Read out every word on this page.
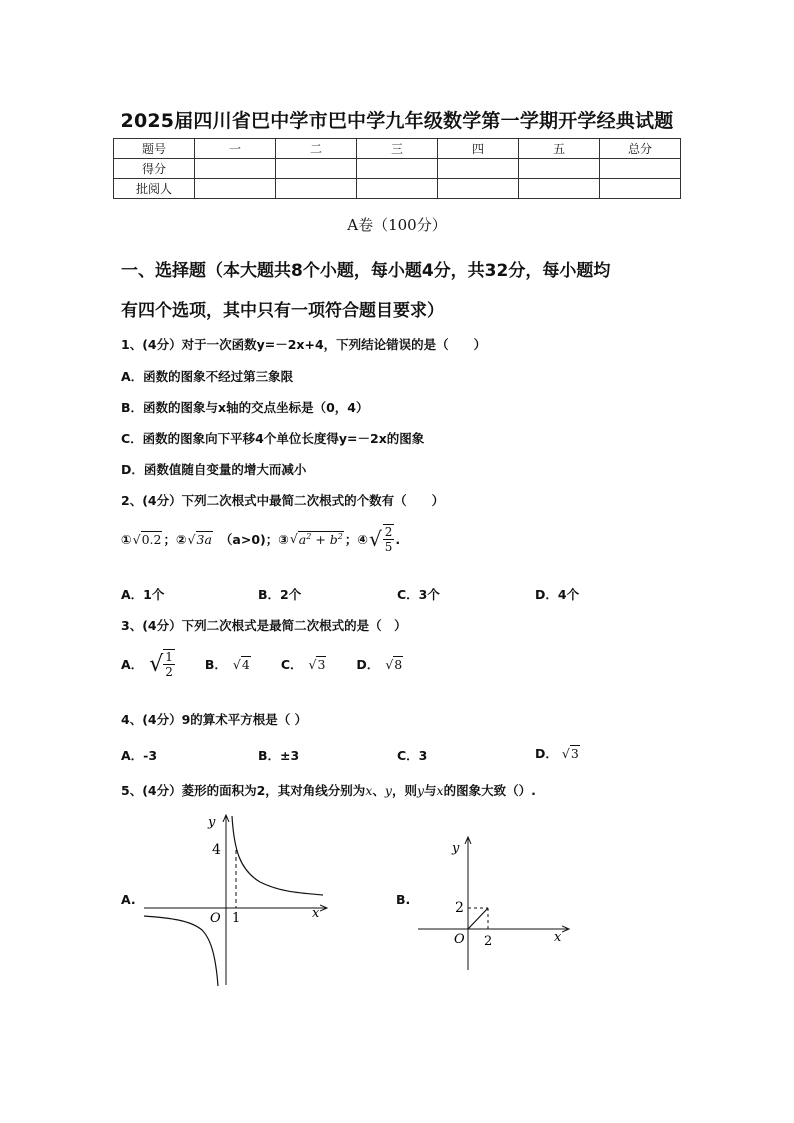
2025届四川省巴中学市巴中学九年级数学第一学期开学经典试题
题号	一	二	三	四	五	总分
得分						
批阅人						
A卷（100分）
一、选择题（本大题共8个小题，每小题4分，共32分，每小题均
有四个选项，其中只有一项符合题目要求）
1、(4分）对于一次函数y=－2x+4，下列结论错误的是（　　）
A．函数的图象不经过第三象限
B．函数的图象与x轴的交点坐标是（0，4）
C．函数的图象向下平移4个单位长度得y=－2x的图象
D．函数值随自变量的增大而减小
2、(4分）下列二次根式中最简二次根式的个数有（　　）
① √0.2 ；② √3a （a>0)；③ $√a^2 + b^2$ ；④ √ $\frac{2}{5}$ .
A．1个	B．2个	C．3个	D．4个
3、(4分）下列二次根式是最简二次根式的是（　）
A． √ $\frac{1}{2}$ B． √4 C． √3 D． √8
4、(4分）9的算术平方根是（ ）
A．-3	B．±3	C．3	D． √3
5、(4分）菱形的面积为2，其对角线分别为x、y，则y与x的图象大致（）.
A.
y
x
O
4
1
B.
y
x
O
2
2
